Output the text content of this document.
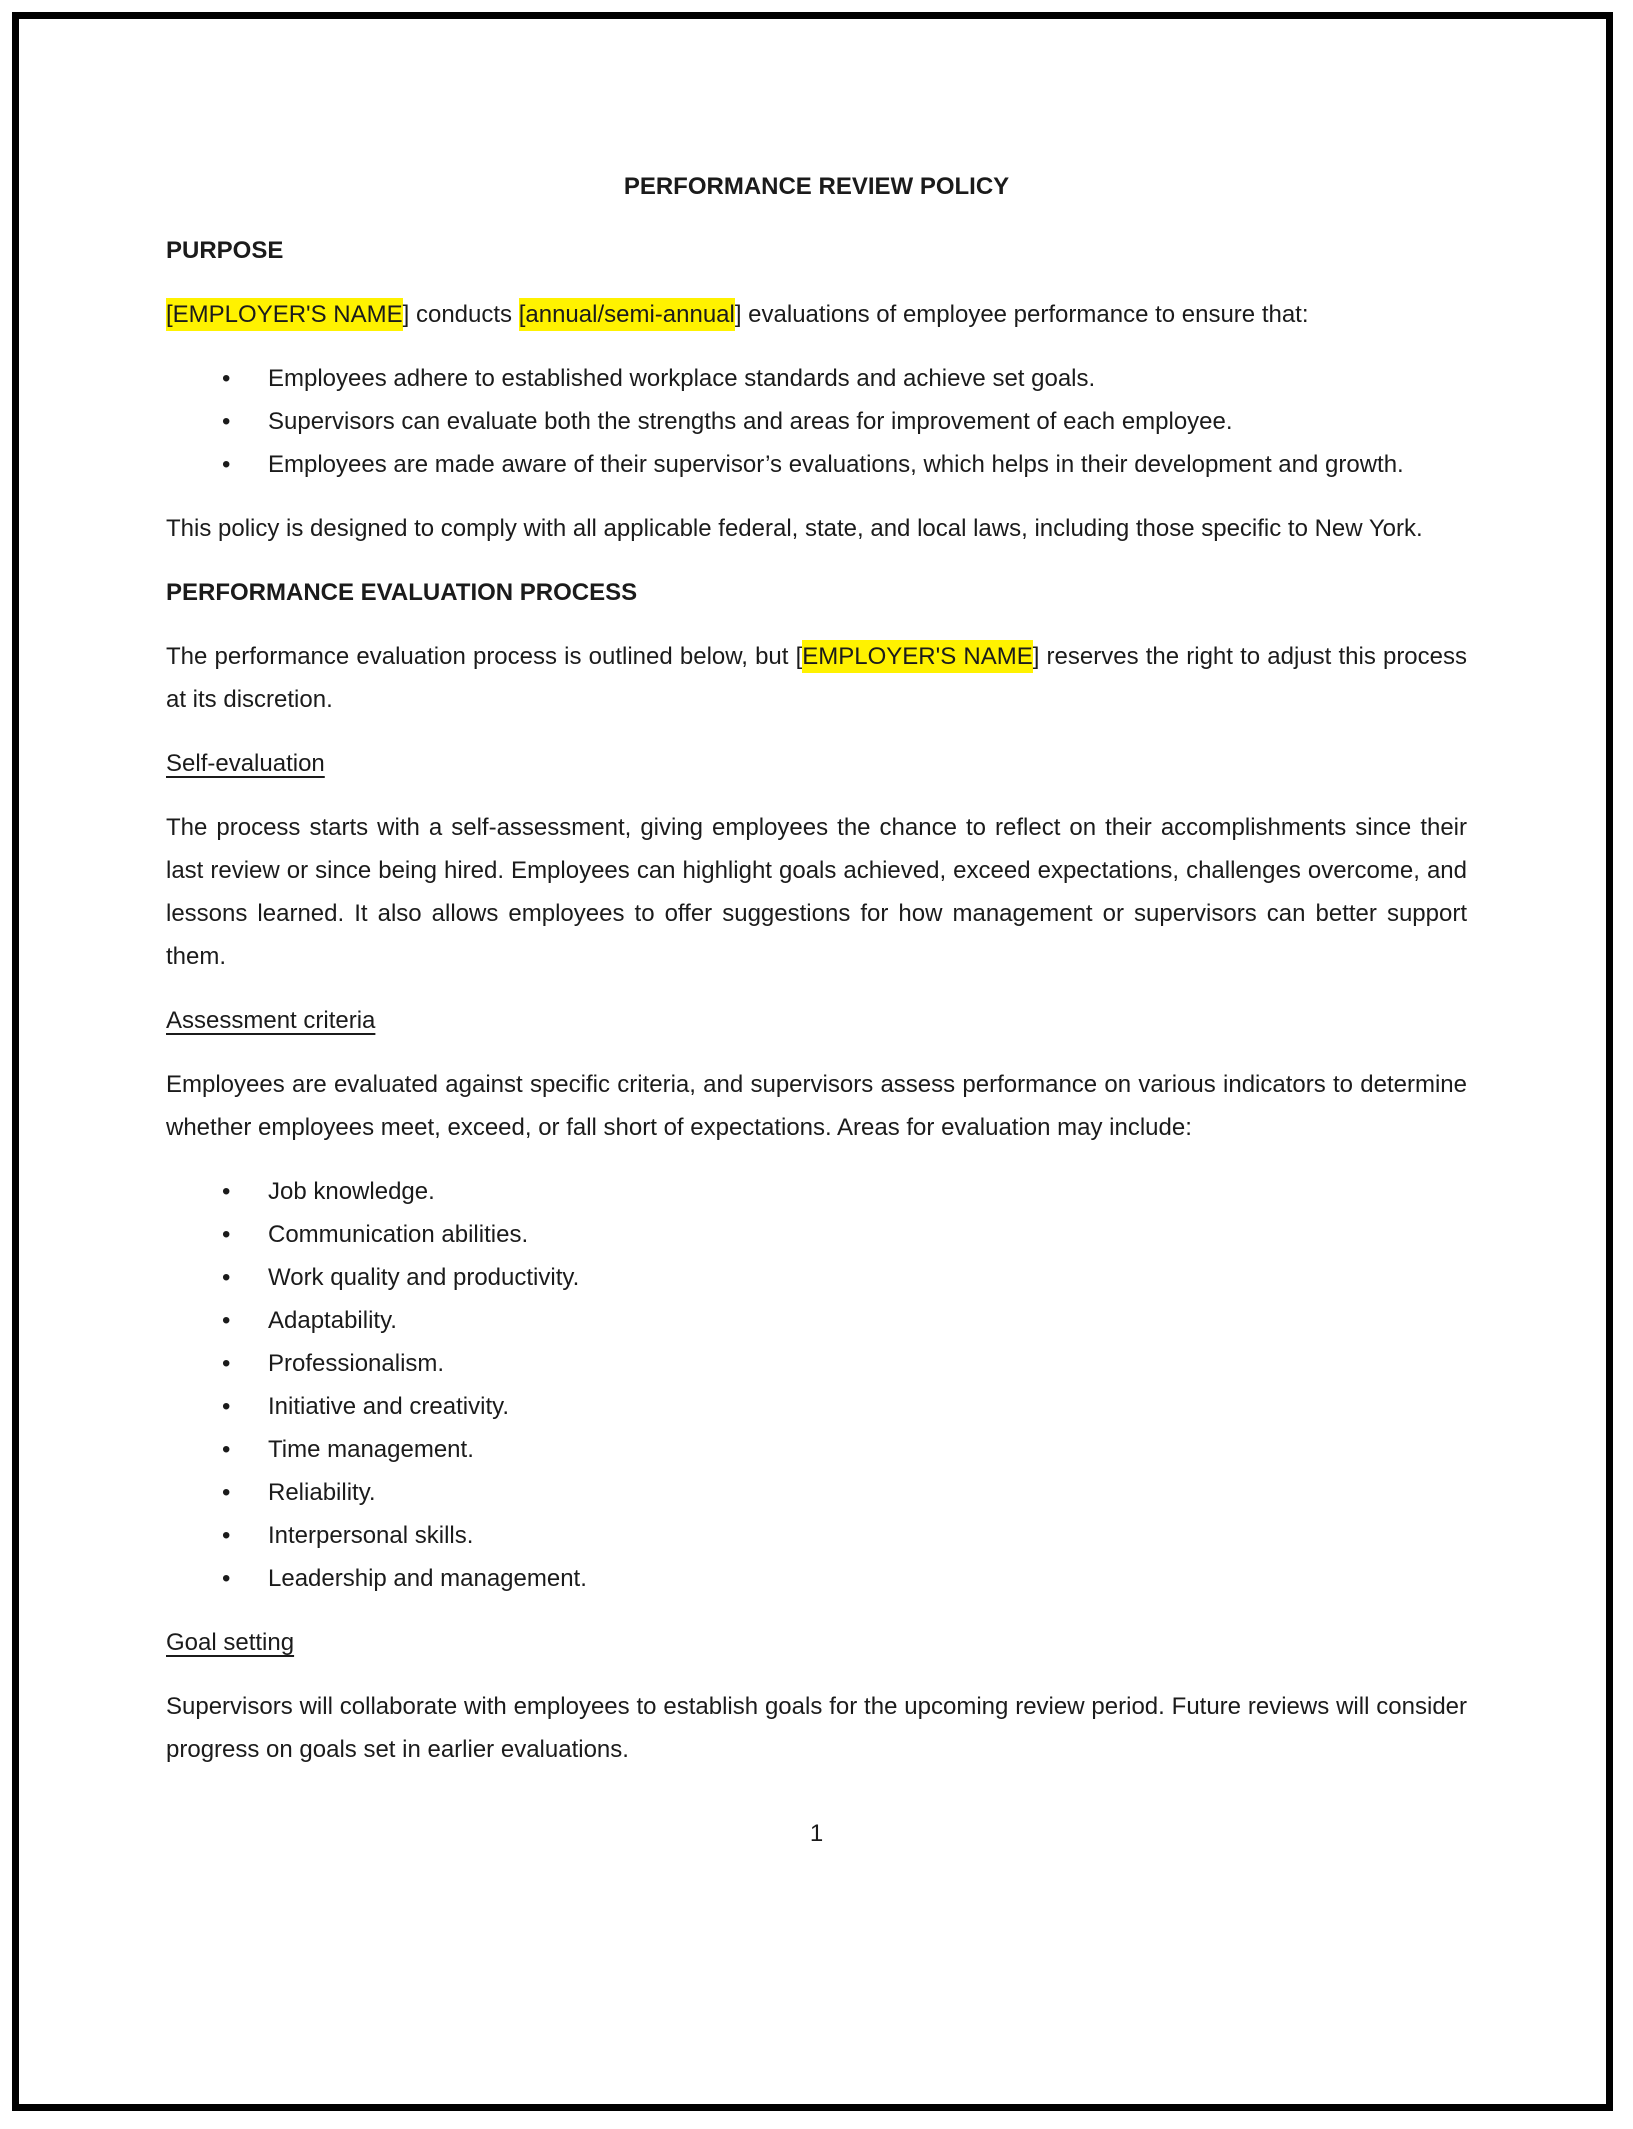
PERFORMANCE REVIEW POLICY
PURPOSE

[EMPLOYER'S NAME] conducts [annual/semi-annual] evaluations of employee performance to ensure that:

• Employees adhere to established workplace standards and achieve set goals.
• Supervisors can evaluate both the strengths and areas for improvement of each employee.
• Employees are made aware of their supervisor’s evaluations, which helps in their development and growth.

This policy is designed to comply with all applicable federal, state, and local laws, including those specific to New York.

PERFORMANCE EVALUATION PROCESS

The performance evaluation process is outlined below, but [EMPLOYER'S NAME] reserves the right to adjust this process at its discretion.

Self-evaluation

The process starts with a self-assessment, giving employees the chance to reflect on their accomplishments since their last review or since being hired. Employees can highlight goals achieved, exceed expectations, challenges overcome, and lessons learned. It also allows employees to offer suggestions for how management or supervisors can better support them.

Assessment criteria

Employees are evaluated against specific criteria, and supervisors assess performance on various indicators to determine whether employees meet, exceed, or fall short of expectations. Areas for evaluation may include:

• Job knowledge.
• Communication abilities.
• Work quality and productivity.
• Adaptability.
• Professionalism.
• Initiative and creativity.
• Time management.
• Reliability.
• Interpersonal skills.
• Leadership and management.
Goal setting

Supervisors will collaborate with employees to establish goals for the upcoming review period. Future reviews will consider progress on goals set in earlier evaluations.

1
